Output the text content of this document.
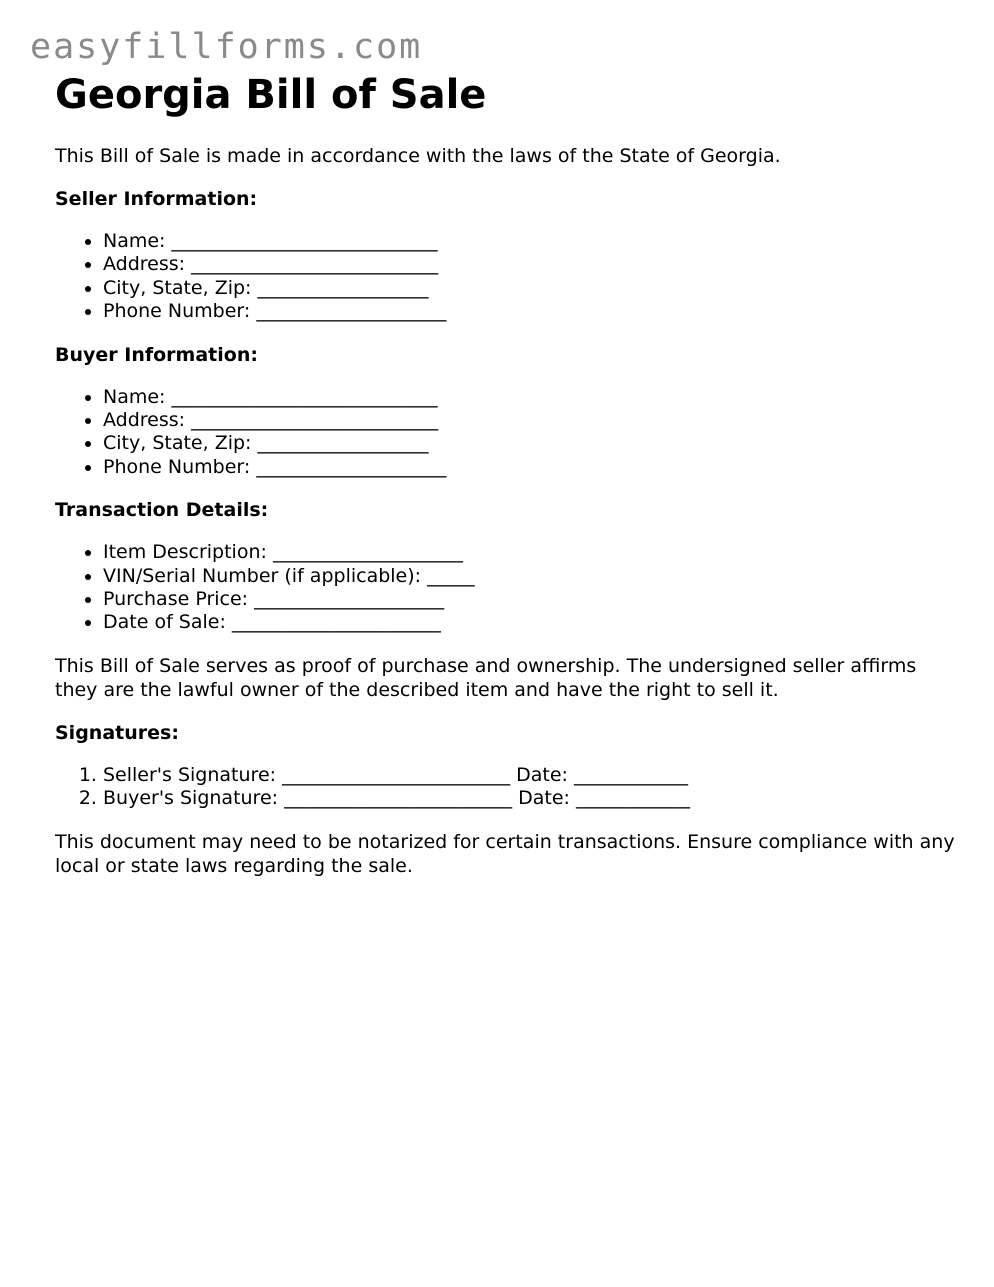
easyfillforms.com
Georgia Bill of Sale

This Bill of Sale is made in accordance with the laws of the State of Georgia.

Seller Information:

• Name: ____________________________
• Address: __________________________
• City, State, Zip: __________________
• Phone Number: ____________________

Buyer Information:

• Name: ____________________________
• Address: __________________________
• City, State, Zip: __________________
• Phone Number: ____________________

Transaction Details:

• Item Description: ____________________
• VIN/Serial Number (if applicable): _____
• Purchase Price: ____________________
• Date of Sale: ______________________

This Bill of Sale serves as proof of purchase and ownership. The undersigned seller affirms they are the lawful owner of the described item and have the right to sell it.

Signatures:

1. Seller's Signature: ________________________ Date: ____________
2. Buyer's Signature: ________________________ Date: ____________

This document may need to be notarized for certain transactions. Ensure compliance with any local or state laws regarding the sale.
